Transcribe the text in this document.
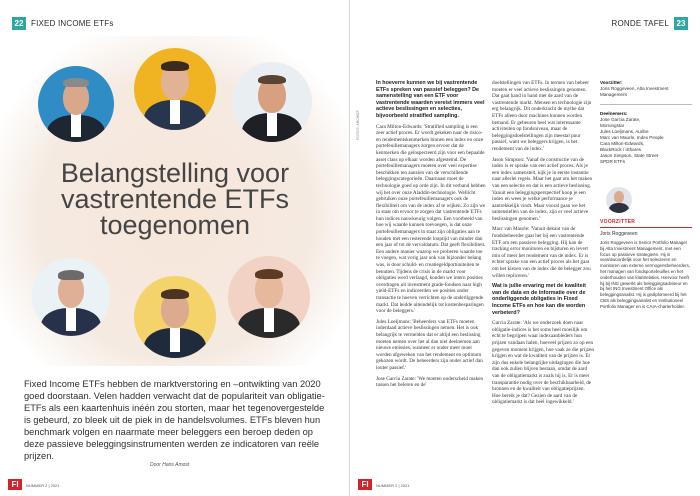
22 FIXED INCOME ETFs
Belangstelling voor vastrentende ETFs toegenomen

Fixed Income ETFs hebben de marktverstoring en –ontwikting van 2020 goed doorstaan. Velen hadden verwacht dat de populariteit van obligatie-ETFs als een kaartenhuis inéén zou storten, maar het tegenovergestelde is gebeurd, zo bleek uit de piek in de handelsvolumes. ETFs bleven hun benchmark volgen en naarmate meer beleggers een beroep deden op deze passieve beleggingsinstrumenten werden ze indicatoren van reële prijzen.

Door Hans Amost
FI	NUMMER 2 | 2021
RONDE TAFEL 23
FI	NUMMER 2 | 2021
FOTO'S: ARCHIEF

In hoeverre kunnen we bij vastrentende ETFs spreken van passief beleggen? De samenstelling van een ETF voor vastrentende waarden vereist immers veel actieve beslissingen en selecties, bijvoorbeeld stratified sampling.

Cara Milton-Edwards: 'Stratified sampling is een zeer actief proces. Er wordt gekeken naar de risico- en rendementskenmerken binnen een index en onze portefeuillemanagers zorgen ervoor dat de kenmerken die geïnspecteerd zijn voor een bepaalde asset class op elkaar worden afgestemd. De portefeuillemanagers moeten over veel expertise beschikken ten aanzien van de verschillende beleggingscategorieën. Daarnaast moet de technologie goed op orde zijn. In dit verband hebben wij het over onze Aladdin-technologie. Wellicht gebruiken onze portefeuillemanagers ook de flexibiliteit om van de index af te wijken. Zo zijn we in staat om ervoor te zorgen dat vastrentende ETFs hun indices nauwkeurig volgen. Een voorbeeld van hoe wij waarde kunnen toevoegen, is dat onze portefeuillemanagers in staat zijn obligaties aan te houden met een resterende looptijd van minder dan een jaar of tot de vervaldatum. Dat geeft flexibiliteit. Een andere manier waarop we proberen waarde toe te voegen, wat vorig jaar ook van bijzonder belang was, is door schuld- en creatiegeldportuniteiten te benutten. Tijdens de crisis in de markt voor obligaties werd verlaagd, konden we intern posities overdragen uit investment grade-fondsen naar high yield-ETFs en indiceerden we posities onder transactie te hoeven verrichten op de onderliggende markt. Dat leidde uiteindelijk tot kostenbesparingen voor de beleggers.'

Jules Loeljmans: 'Beheerders van ETFs moeten inderdaad actieve beslissingen nemen. Het is ook belangrijk te vermelden dat er altijd een beslissing moeten nemen over het al dan niet deelnemen aan nieuwe emissies, wanneer er onder meer moet worden afgeweken van het rendement en optimum gekozen wordt. De beheerders zijn onder actief dan louter passief.'

Jose Garcia Zarate: 'We moeten onderscheid maken tussen het beleren en de'

doelstellingen van ETFs. In termen van beheer moeten er veel actieve beslissingen genomen. Dat gaat hand in hand met de aard van de vastrentende markt. Mensen en technologie zijn erg belangrijk. Dit onderkracht de mythe dat ETFs alleen door machines kunnen worden bemand. Er gebeuren heel wat interessante activiteiten op fondsniveau, maar de beleggingsdoelstellingen zijn meestal puur passief, want we beleggers krijgen, is het rendement van de index.'

Jason Simpson: 'Vanaf de constructie van de index is er sprake van een actief proces. Als je een index samenstelt, kijk je in eerste instantie naar allerlei regels. Maar het gaat om het maken van een selectie en dat is een actieve beslissing. Vanuit een beleggingsperspectief koop je een index en wees je welke performance je aantrekkelijk vindt. Maar vooral gaan we het samenstellen van de index, zijn er veel actieve beslissingen genomen.'

Marc van Maurle: 'Vanuit dekant van de fondsbeheerder gaat het bij een vastrentende ETF om een passieve belegging. Hij kan de tracking error monitoren en bijsturen en levert min of meer het rendement van de index. Er is echter sprake van een actief proces als het gaat om het kiezen van de index die de belegger zou willen repliceren.'

Wat is jullie ervaring met de kwaliteit van de data en de informatie over de onderliggende obligaties in Fixed Income ETFs en hoe kan die worden verbeterd?

Garcia Zarate: 'Als we onderzoek doen naar obligatie-indices is het soms heel moeilijk om echt te begrijpen waar indexaanbieders hun prijzen vandaan halen, hoeveel prijzen zo op een gegeven moment krijgen, hoe vaak ze die prijzen krijgen en wat de kwaliteit van de prijzen is. Er zijn dus enkele belangrijke uitdagingen die hoe dan ook zullen blijven bestaan, omdat de aard van de obligatiemarkt is zoals hij is. Er is meer transparantie nodig over de beschikbaarheid, de bronnen en de kwaliteit van obligatieprijzen. Hoe bereik je dat? Gezien de aard van de obligatiemarkt is dat heel ingewikkeld.'

Voorzitter:
Joris Roggeveen, Alta Investment Management
Deelnemers:
Jose Garcia Zarate,
Morningstar
Jules Loeljmans, Auribe
Marc van Maurle, Index People
Cara Milton-Edwards,
BlackRock / iShares
Jason Simpson, State Street
SPDR ETFs
VOORZITTER
Joris Roggeveen
Joris Roggeveen is Senior Portfolio Manager bij Alta Investment Management, met een focus op passieve strategieën. Hij is verantwoordelijk voor het selecteren en monitoren van externe vermogensbeheerders, het managen van fondsportefeuilles en het onderhouden van klantrelaties. Hiervoor heeft hij bij ING gewerkt als beleggingsadviseur en bij het ING Investment Office als beleggingsanalist. Hij is gediplomeerd bij het CBS als beleggingsanalist en Institutioneel Portfolio Manager en is CAIA-charterholder.
